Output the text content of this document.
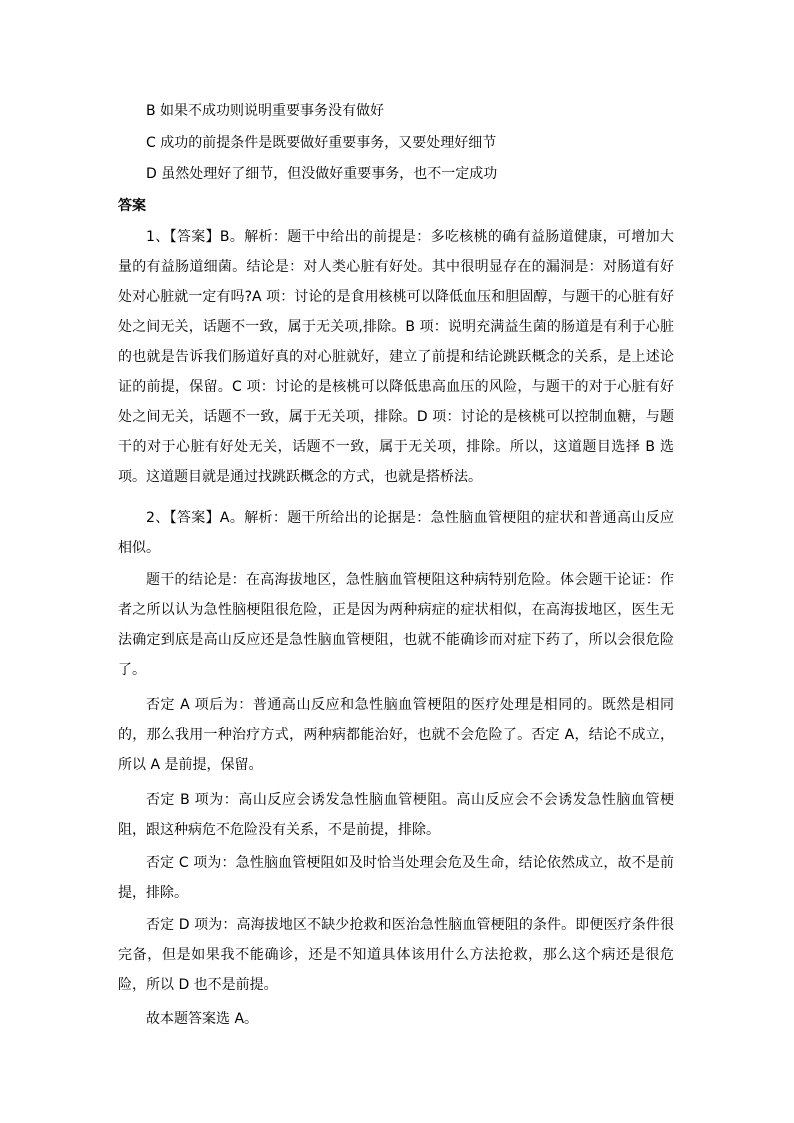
B 如果不成功则说明重要事务没有做好
C 成功的前提条件是既要做好重要事务，又要处理好细节
D 虽然处理好了细节，但没做好重要事务，也不一定成功
答案
1、【答案】B。解析：题干中给出的前提是：多吃核桃的确有益肠道健康，可增加大量的有益肠道细菌。结论是：对人类心脏有好处。其中很明显存在的漏洞是：对肠道有好处对心脏就一定有吗?A 项：讨论的是食用核桃可以降低血压和胆固醇，与题干的心脏有好处之间无关，话题不一致，属于无关项,排除。B 项：说明充满益生菌的肠道是有利于心脏的也就是告诉我们肠道好真的对心脏就好，建立了前提和结论跳跃概念的关系，是上述论证的前提，保留。C 项：讨论的是核桃可以降低患高血压的风险，与题干的对于心脏有好处之间无关，话题不一致，属于无关项，排除。D 项：讨论的是核桃可以控制血糖，与题干的对于心脏有好处无关，话题不一致，属于无关项，排除。所以，这道题目选择 B 选项。这道题目就是通过找跳跃概念的方式，也就是搭桥法。
2、【答案】A。解析：题干所给出的论据是：急性脑血管梗阻的症状和普通高山反应相似。
题干的结论是：在高海拔地区，急性脑血管梗阻这种病特别危险。体会题干论证：作者之所以认为急性脑梗阻很危险，正是因为两种病症的症状相似，在高海拔地区，医生无法确定到底是高山反应还是急性脑血管梗阻，也就不能确诊而对症下药了，所以会很危险了。
否定 A 项后为：普通高山反应和急性脑血管梗阻的医疗处理是相同的。既然是相同的，那么我用一种治疗方式，两种病都能治好，也就不会危险了。否定 A，结论不成立，所以 A 是前提，保留。
否定 B 项为：高山反应会诱发急性脑血管梗阻。高山反应会不会诱发急性脑血管梗阻，跟这种病危不危险没有关系，不是前提，排除。
否定 C 项为：急性脑血管梗阻如及时恰当处理会危及生命，结论依然成立，故不是前提，排除。
否定 D 项为：高海拔地区不缺少抢救和医治急性脑血管梗阻的条件。即便医疗条件很完备，但是如果我不能确诊，还是不知道具体该用什么方法抢救，那么这个病还是很危险，所以 D 也不是前提。
故本题答案选 A。
